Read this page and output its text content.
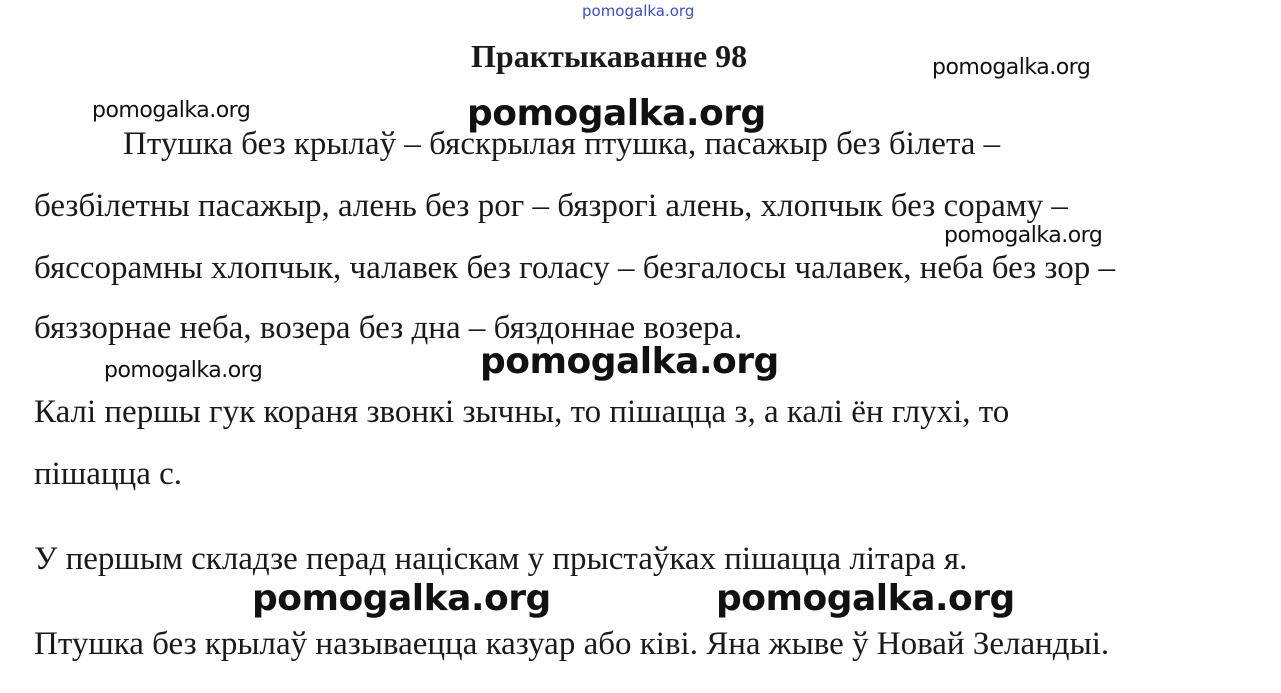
pomogalka.org
Практыкаванне 98
Птушка без крылаў – бяскрылая птушка, пасажыр без білета –
безбілетны пасажыр, алень без рог – бязрогі алень, хлопчык без сораму –
бяссорамны хлопчык, чалавек без голасу – безгалосы чалавек, неба без зор –
бяззорнае неба, возера без дна – бяздоннае возера.
Калі першы гук кораня звонкі зычны, то пішацца з, а калі ён глухі, то
пішацца с.
У першым складзе перад націскам у прыстаўках пішацца літара я.
Птушка без крылаў называецца казуар або ківі. Яна жыве ў Новай Зеландыі.
pomogalka.org
pomogalka.org	pomogalka.org
pomogalka.org
pomogalka.org	pomogalka.org
pomogalka.org	pomogalka.org
